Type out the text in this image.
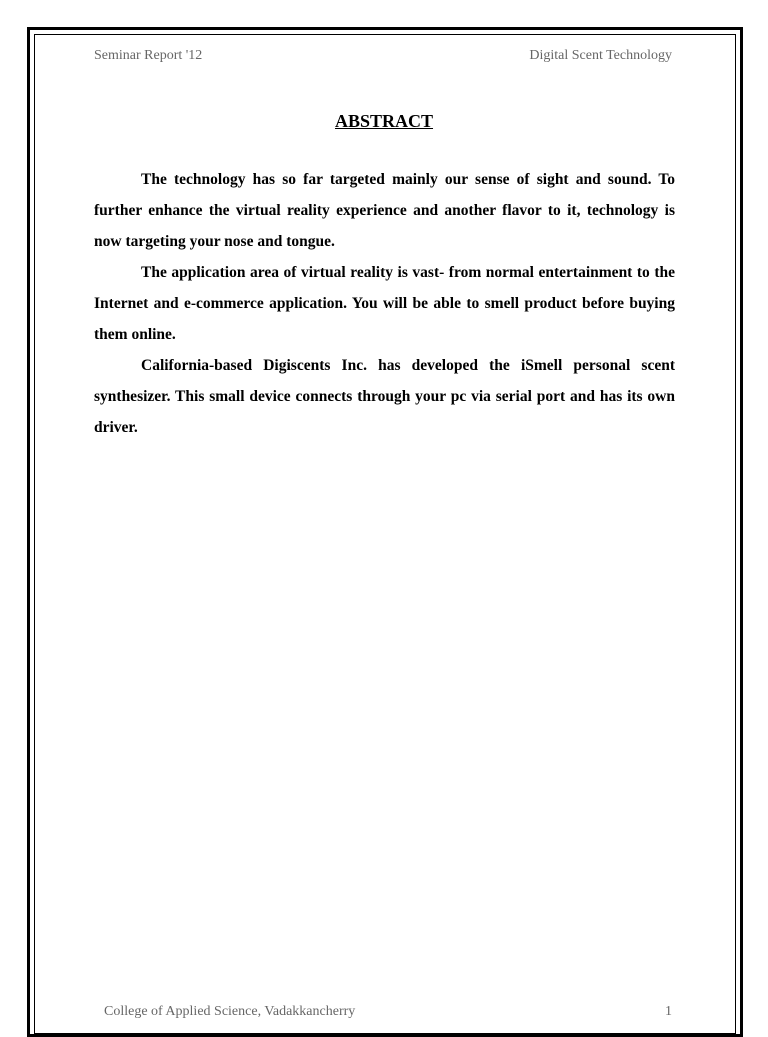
Seminar Report '12	Digital Scent Technology
ABSTRACT

The technology has so far targeted mainly our sense of sight and sound. To further enhance the virtual reality experience and another flavor to it, technology is now targeting your nose and tongue.

The application area of virtual reality is vast- from normal entertainment to the Internet and e-commerce application. You will be able to smell product before buying them online.

California-based Digiscents Inc. has developed the iSmell personal scent synthesizer. This small device connects through your pc via serial port and has its own driver.

College of Applied Science, Vadakkancherry	1
